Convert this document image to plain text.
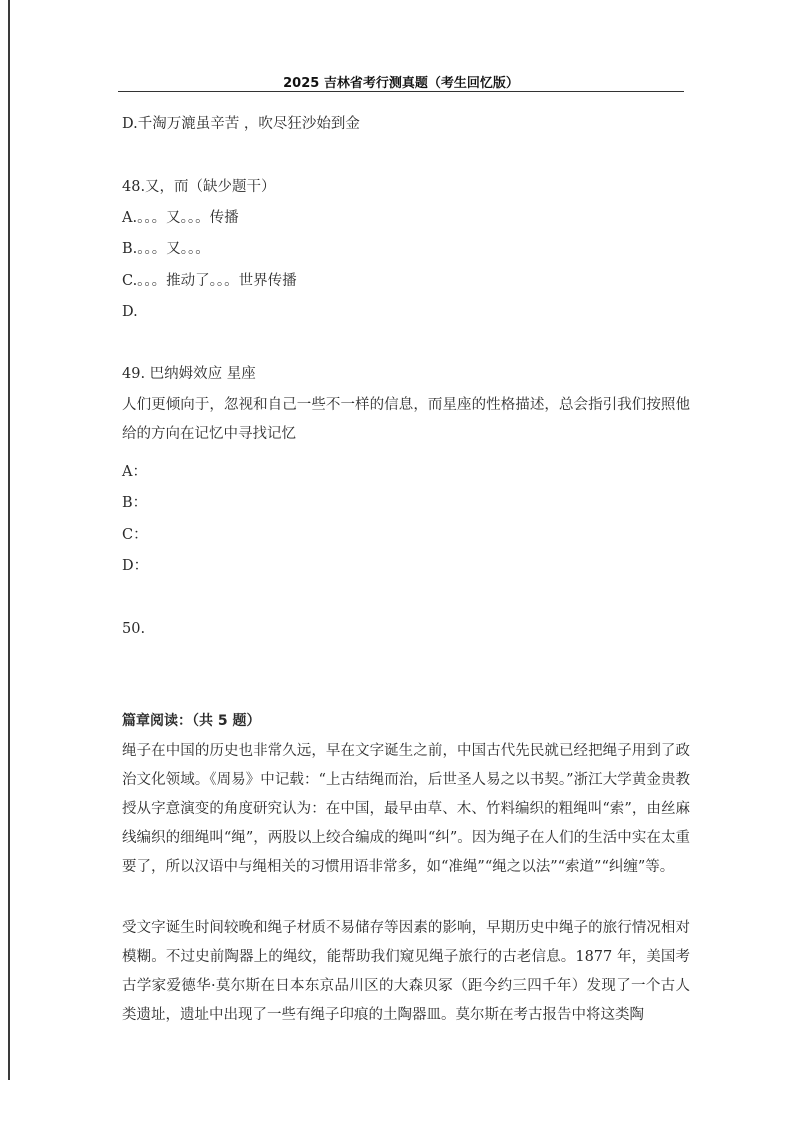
2025 吉林省考行测真题（考生回忆版）
D.千淘万漉虽辛苦 ，吹尽狂沙始到金
48.又，而（缺少题干）
A.。。。又。。。传播
B.。。。又。。。
C.。。。推动了。。。世界传播
D.
49. 巴纳姆效应 星座
人们更倾向于，忽视和自己一些不一样的信息，而星座的性格描述，总会指引我们按照他给的方向在记忆中寻找记忆
A：
B：
C：
D：
50.
篇章阅读：（共 5 题）
绳子在中国的历史也非常久远，早在文字诞生之前，中国古代先民就已经把绳子用到了政治文化领域。《周易》中记载：“上古结绳而治，后世圣人易之以书契。”浙江大学黄金贵教授从字意演变的角度研究认为：在中国，最早由草、木、竹料编织的粗绳叫“索”，由丝麻线编织的细绳叫“绳”，两股以上绞合编成的绳叫“纠”。因为绳子在人们的生活中实在太重要了，所以汉语中与绳相关的习惯用语非常多，如“准绳”“绳之以法”“索道”“纠缠”等。
受文字诞生时间较晚和绳子材质不易储存等因素的影响，早期历史中绳子的旅行情况相对模糊。不过史前陶器上的绳纹，能帮助我们窥见绳子旅行的古老信息。1877 年，美国考古学家爱德华·莫尔斯在日本东京品川区的大森贝冢（距今约三四千年）发现了一个古人类遗址，遗址中出现了一些有绳子印痕的土陶器皿。莫尔斯在考古报告中将这类陶
